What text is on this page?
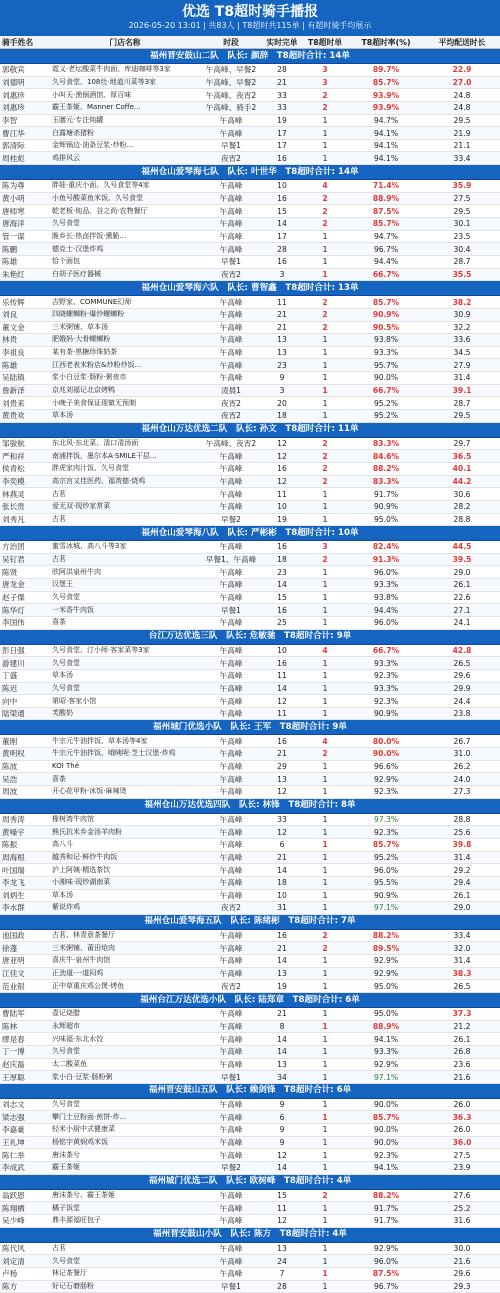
优选 T8超时骑手播报
2026-05-20 13:01 | 共83人 | T8超时共115单 | 有超时骑手均展示
骑手姓名	门店名称	时段	实时完单	T8超时单	T8超时率(%)	平均配送时长
福州晋安鼓山二队　队长: 颜辞　T8超时合计: 14单						
郭敬宾	霓义·老坛酸菜牛肉面、库迪咖啡等3家	午高峰、早餐2	28	3	89.7%	22.9
刘德明	久号食堂、108灶·地道川菜等3家	午高峰、早餐2	21	3	85.7%	27.0
刘惠珍	小叫天·渔锅酒馆、厚百味	午高峰、夜宵2	33	2	93.9%	24.8
刘惠珍	霸王茶姬、Manner Coffe...	午高峰、骑手2	33	2	93.9%	24.8
李智	玉膳元·专注炖罐	午高峰	19	1	94.7%	29.5
曹江华	白露塘杀猪粉	午高峰	17	1	94.1%	21.9
郭清际	金辉锅边·油条豆浆·炒粉...	早餐1	17	1	94.1%	21.1
周桂彪	鸡排风云	夜宵2	16	1	94.1%	33.4
福州仓山爱琴海七队　队长: 叶世华　T8超时合计: 14单						
陈为尊	胖娃·重庆小面、久号食堂等4家	午高峰	10	4	71.4%	35.9
黄小明	小鱼号酸菜鱼米饭、久号食堂	午高峰	16	2	88.9%	27.5
唐师寒	乾老板·炖品、谷之尚·农物餐厅	午高峰	15	2	87.5%	29.5
唐海洋	久号食堂	午高峰	14	2	85.7%	30.1
管一谋	脆乡长·热卤拌饭·熏脆...	午高峰	17	1	94.7%	23.5
陈鹏	德克士·汉堡炸鸡	午高峰	28	1	96.7%	30.4
陈雄	恰个面包	早餐1	16	1	94.4%	28.7
朱艳红	白胡子医疗器械	夜宵2	3	1	66.7%	35.5
福州仓山爱琴海六队　队长: 曹智鑫　T8超时合计: 13单						
乐传辉	吉野家、COMMUNE幻师	午高峰	11	2	85.7%	38.2
刘良	四晓螺蛳粉·爆炒螺蛳粉	午高峰	21	2	90.9%	30.9
董文金	三米粥铺、草本汤	午高峰	21	2	90.5%	32.2
林贵	肥娥妈·大骨螺蛳粉	午高峰	13	1	93.8%	33.6
李祖良	某有茶·黑糖珍珠奶茶	午高峰	13	1	93.3%	34.5
陈雄	江西老表米粉店&炒粉炒饭...	午高峰	23	1	95.7%	27.9
吴陆镇	浆小白豆浆·肠粉·粥夜市	午高峰	9	1	90.0%	31.4
詹新泽	京兆刘福记北京烤鸭	凌晨1	3	1	66.7%	39.1
刘贵来	小晚子美食保证现做无预制	夜宵2	20	1	95.2%	28.7
黄贵欢	草本汤	夜宵2	18	1	95.2%	29.5
福州仓山万达优选二队　队长: 孙文　T8超时合计: 11单						
邹骏航	东北风·东北菜、清口清汤面	午高峰、夜宵2	12	2	83.3%	29.7
严和祥	南浦拌饭、墨尔本A·SMILE干层...	午高峰	12	2	84.6%	36.5
侯青松	胖虎家肉汁饭、久号食堂	午高峰	16	2	88.2%	40.1
李奕模	高宗宫又佳医药、福湾德·烧鸡	午高峰	12	2	83.3%	44.2
林燕灵	古茗	午高峰	11	1	91.7%	30.6
张长贵	爱无双·现炒家常菜	午高峰	10	1	90.9%	28.2
刘秀凡	古茗	早餐2	19	1	95.0%	28.8
福州仓山爱琴海八队　队长: 严彬彬　T8超时合计: 10单						
方治团	蜜雪冰城、高八斗等3家	午高峰	16	3	82.4%	44.5
吴钉君	古茗	早餐1、午高峰	18	2	91.3%	39.5
陈贤	欣阿洪泉州牛肉	午高峰	23	1	96.0%	29.0
唐龙金	汉堡王	午高峰	14	1	93.3%	26.1
赵子傑	久号食堂	午高峰	15	1	93.8%	22.6
陈华灯	一米香牛肉饭	早餐1	16	1	94.4%	27.1
李国伟	喜茶	午高峰	25	1	96.0%	24.1
台江万达优选三队　队长: 危敏驰　T8超时合计: 9单						
彭日强	久号食堂、汀小师·客家菜等3家	午高峰	10	4	66.7%	42.8
游建川	久号食堂	午高峰	16	1	93.3%	26.5
丁盛	草本汤	午高峰	11	1	92.3%	29.6
陈迟	久号食堂	午高峰	14	1	93.3%	29.9
向中	第昭·客家小馆	午高峰	12	1	92.3%	24.4
陆梁通	芙酸奶	午高峰	11	1	90.9%	23.8
福州城门优选小队　队长: 王军　T8超时合计: 9单						
董刚	牛宗元牛油拌饭、草本汤等4家	午高峰	16	4	80.0%	26.7
黄明权	牛宗元牛油拌饭、哦咦呢·芝士汉堡·炸鸡	午高峰	21	2	90.0%	31.0
陈波	KOI Thé	午高峰	29	1	96.6%	26.2
吴浩	喜茶	午高峰	13	1	92.9%	24.0
周波	开心花甲粉·冰饭·麻辣烫	午高峰	12	1	92.3%	27.3
福州仓山万达优选四队　队长: 林锋　T8超时合计: 8单						
周秀涛	橡树湾牛肉馆	午高峰	33	1	97.3%	28.8
黄嗓宇	熊氏抗米乡金汤羊肉粉	午高峰	12	1	92.3%	25.6
陈振	高八斗	午高峰	6	1	85.7%	39.8
周海根	越秀和记·鲜炒牛肉饭	午高峰	21	1	95.2%	31.4
叶国瑞	沪上阿姨·精选茶饮	午高峰	14	1	96.0%	29.2
李龙飞	小湘味·现炒湖南菜	午高峰	18	1	95.5%	29.4
刘炳生	草本汤	午高峰	10	1	90.9%	26.1
李水群	紫说炸鸡	夜宵2	31	1	97.1%	29.0
福州仓山爱琴海五队　队长: 陈绪彬　T8超时合计: 7单						
池国政	古茗、林青意茶餐厅	午高峰	16	2	88.2%	33.4
徐蓬	三米粥铺、莆田炝肉	午高峰	21	2	89.5%	32.0
唐亚明	喜庆牛·泉州牛肉馆	午高峰	14	1	92.9%	31.4
江佳文	正劲道·一道闷鸡	午高峰	13	1	92.9%	38.3
范业银	正中草重庆鸡公煲·烤鱼	夜宵2	19	1	95.0%	26.5
福州台江万达优选小队　队长: 陆郑章　T8超时合计: 6单						
曹陆军	壹记烧腊	午高峰	21	1	95.0%	37.3
陈林	永辉超市	午高峰	8	1	88.9%	21.2
缪是春	兴味福·东北水饺	午高峰	14	1	94.1%	26.1
丁一博	久号食堂	午高峰	14	1	93.3%	26.8
赵庆磊	太二酸菜鱼	午高峰	13	1	92.9%	23.6
王厚聪	浆小白·豆浆·肠粉粥	早餐1	34	1	97.1%	21.6
福州晋安鼓山五队　队长: 赖剑锋　T8超时合计: 6单						
刘志文	久号食堂	午高峰	9	1	90.0%	26.0
梁志强	攀门土豆粉面·煎饼·炸...	午高峰	6	1	85.7%	36.3
李嘉豪	轻米小厨中式健康菜	午高峰	9	1	90.0%	26.0
王礼坤	杨铭宇黄焖鸡米饭	午高峰	9	1	90.0%	36.0
陈仁举	唐沫茶兮	午高峰	12	1	92.3%	27.5
李成武	霸王茶姬	早餐2	14	1	94.1%	23.9
福州城门优选二队　队长: 欧树峰　T8超时合计: 4单						
翁跃恩	唐沫茶兮、霸王茶姬	午高峰	15	2	88.2%	27.6
陈翔栖	橘子饭堂	午高峰	11	1	91.7%	25.2
吴少峰	鼎丰源福旺包子	午高峰	12	1	91.7%	31.6
福州晋安鼓山小队　队长: 陈方　T8超时合计: 4单						
陈代风	古茗	午高峰	13	1	92.9%	30.0
刘定清	久号食堂	午高峰	24	1	96.0%	21.6
卢杨	林记茶餐厅	午高峰	7	1	87.5%	29.6
陈方	好记石磨肠粉	早餐1	28	1	96.7%	29.3
